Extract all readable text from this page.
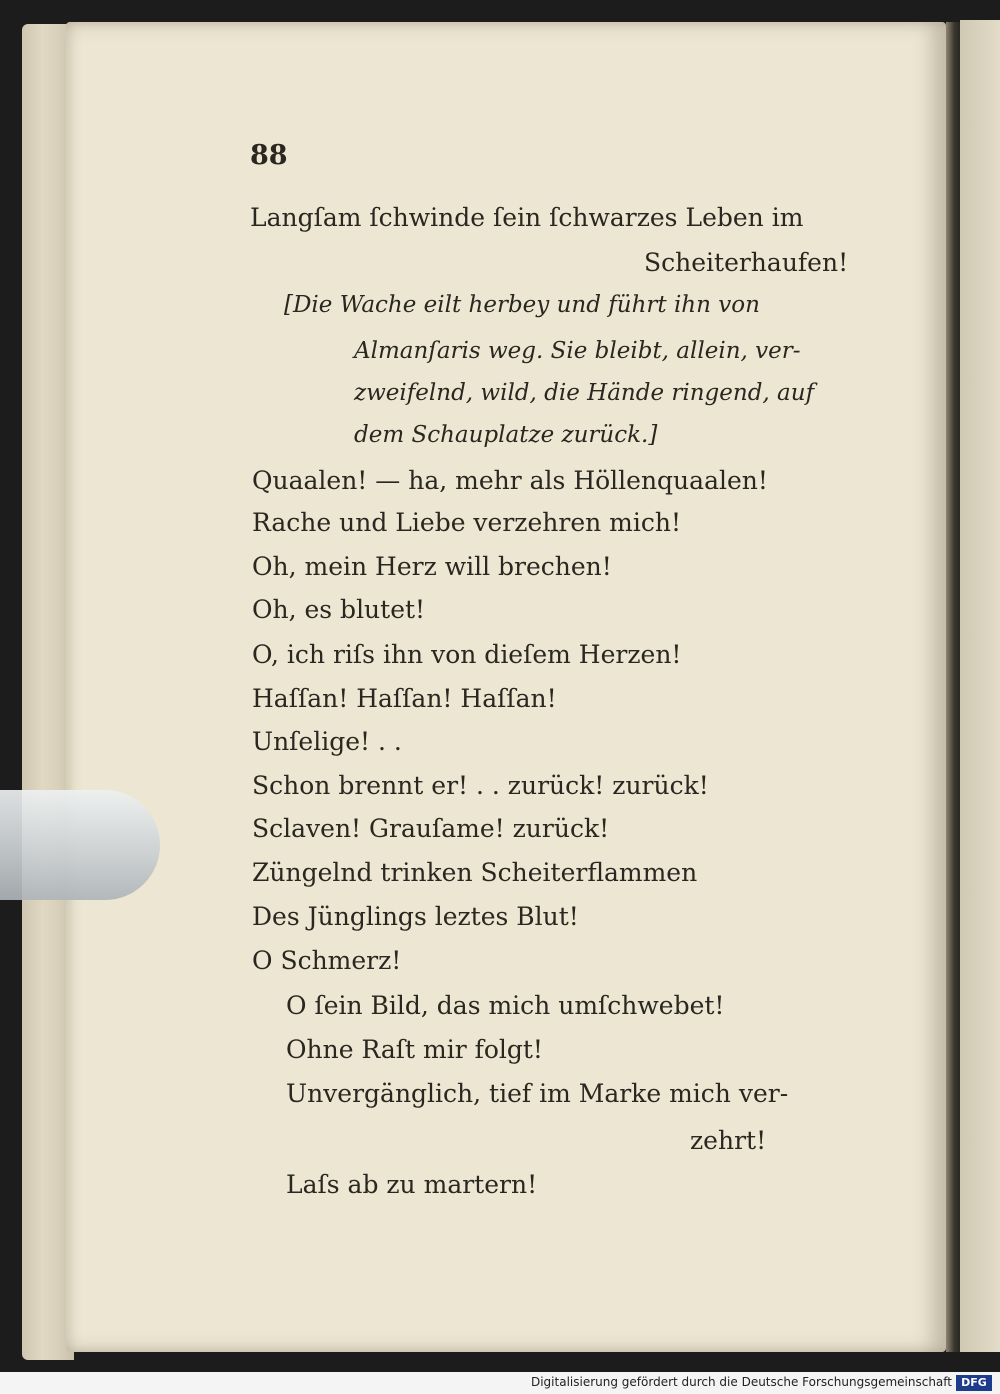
88

Langſam ſchwinde ſein ſchwarzes Leben im

Scheiterhaufen!

[Die Wache eilt herbey und führt ihn von

Almanſaris weg. Sie bleibt, allein, ver-

zweifelnd, wild, die Hände ringend, auf

dem Schauplatze zurück.]

Quaalen! — ha, mehr als Höllenquaalen!

Rache und Liebe verzehren mich!

Oh, mein Herz will brechen!

Oh, es blutet!

O, ich riſs ihn von dieſem Herzen!

Haſſan! Haſſan! Haſſan!

Unſelige! . .

Schon brennt er! . . zurück! zurück!

Sclaven! Grauſame! zurück!

Züngelnd trinken Scheiterflammen

Des Jünglings leztes Blut!

O Schmerz!

O ſein Bild, das mich umſchwebet!

Ohne Raſt mir folgt!

Unvergänglich, tief im Marke mich ver-

zehrt!

Laſs ab zu martern!

Digitalisierung gefördert durch die Deutsche Forschungsgemeinschaft DFG
